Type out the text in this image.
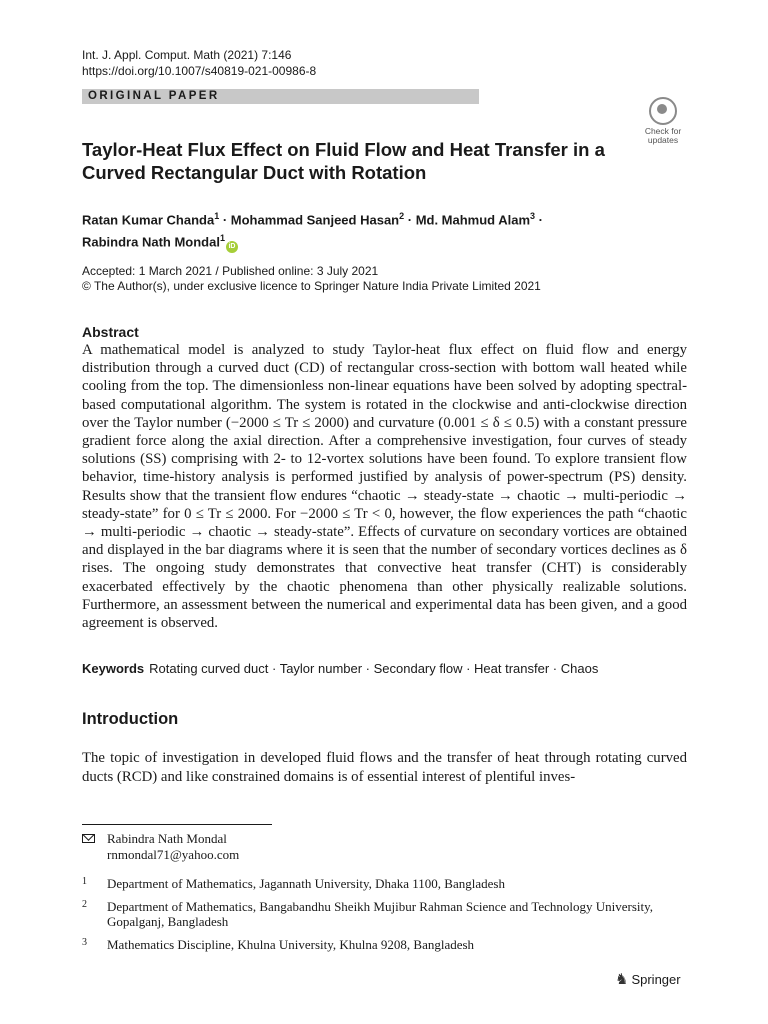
Int. J. Appl. Comput. Math (2021) 7:146
https://doi.org/10.1007/s40819-021-00986-8
ORIGINAL PAPER
Check for
updates
Taylor-Heat Flux Effect on Fluid Flow and Heat Transfer in a Curved Rectangular Duct with Rotation
Ratan Kumar Chanda$^1$ · Mohammad Sanjeed Hasan$^2$ · Md. Mahmud Alam$^3$ ·
Rabindra Nath Mondal$^1$iD
Accepted: 1 March 2021 / Published online: 3 July 2021
© The Author(s), under exclusive licence to Springer Nature India Private Limited 2021
Abstract

A mathematical model is analyzed to study Taylor-heat flux effect on fluid flow and energy distribution through a curved duct (CD) of rectangular cross-section with bottom wall heated while cooling from the top. The dimensionless non-linear equations have been solved by adopting spectral-based computational algorithm. The system is rotated in the clockwise and anti-clockwise direction over the Taylor number (−2000 ≤ Tr ≤ 2000) and curvature (0.001 ≤ δ ≤ 0.5) with a constant pressure gradient force along the axial direction. After a comprehensive investigation, four curves of steady solutions (SS) comprising with 2- to 12-vortex solutions have been found. To explore transient flow behavior, time-history analysis is performed justified by analysis of power-spectrum (PS) density. Results show that the transient flow endures “chaotic → steady-state → chaotic → multi-periodic → steady-state” for 0 ≤ Tr ≤ 2000. For −2000 ≤ Tr < 0, however, the flow experiences the path “chaotic → multi-periodic → chaotic → steady-state”. Effects of curvature on secondary vortices are obtained and displayed in the bar diagrams where it is seen that the number of secondary vortices declines as δ rises. The ongoing study demonstrates that convective heat transfer (CHT) is considerably exacerbated effectively by the chaotic phenomena than other physically realizable solutions. Furthermore, an assessment between the numerical and experimental data has been given, and a good agreement is observed.

Keywords Rotating curved duct · Taylor number · Secondary flow · Heat transfer · Chaos
Introduction

The topic of investigation in developed fluid flows and the transfer of heat through rotating curved ducts (RCD) and like constrained domains is of essential interest of plentiful inves-

Rabindra Nath Mondal
rnmondal71@yahoo.com
1 Department of Mathematics, Jagannath University, Dhaka 1100, Bangladesh
2 Department of Mathematics, Bangabandhu Sheikh Mujibur Rahman Science and Technology University, Gopalganj, Bangladesh
3 Mathematics Discipline, Khulna University, Khulna 9208, Bangladesh
♞ Springer
